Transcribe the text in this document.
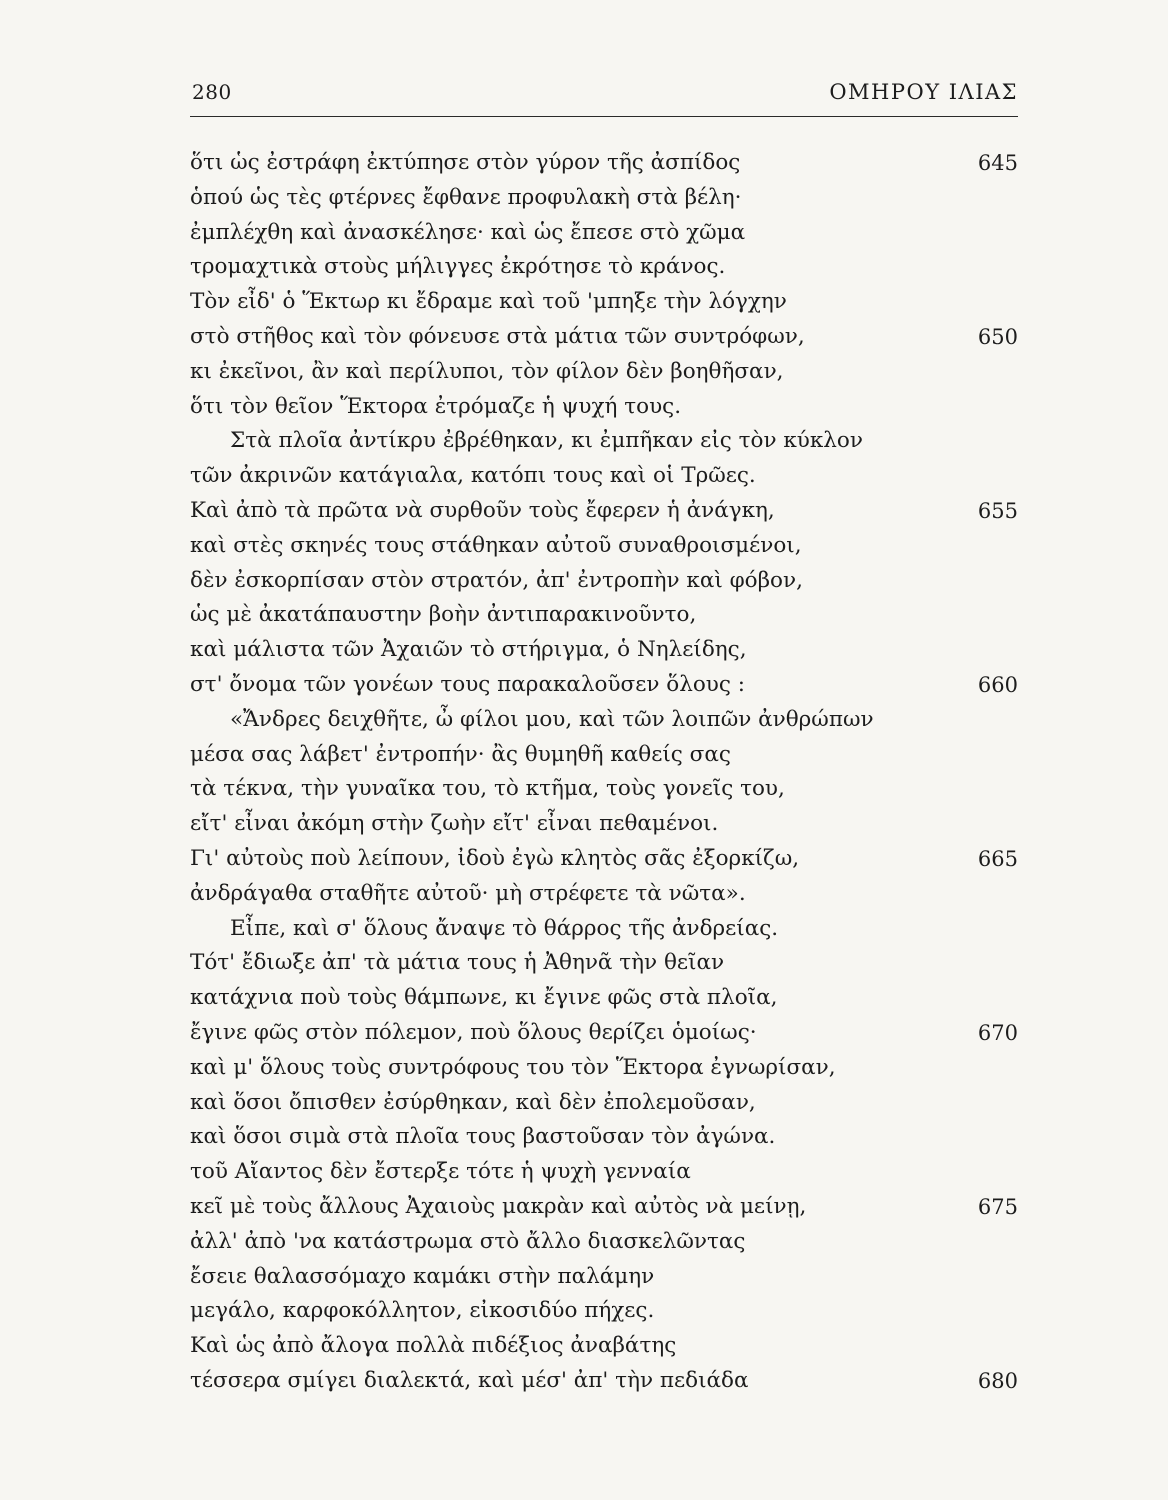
280	ΟΜΗΡΟΥ ΙΛΙΑΣ
ὅτι ὡς ἐστράφη ἐκτύπησε στὸν γύρον τῆς ἀσπίδος	645
ὁπού ὡς τὲς φτέρνες ἔφθανε προφυλακὴ στὰ βέλη·
ἐμπλέχθη καὶ ἀνασκέλησε· καὶ ὡς ἔπεσε στὸ χῶμα
τρομαχτικὰ στοὺς μήλιγγες ἐκρότησε τὸ κράνος.
Τὸν εἶδ' ὁ Ἕκτωρ κι ἔδραμε καὶ τοῦ 'μπηξε τὴν λόγχην
στὸ στῆθος καὶ τὸν φόνευσε στὰ μάτια τῶν συντρόφων,	650
κι ἐκεῖνοι, ἂν καὶ περίλυποι, τὸν φίλον δὲν βοηθῆσαν,
ὅτι τὸν θεῖον Ἕκτορα ἐτρόμαζε ἡ ψυχή τους.
Στὰ πλοῖα ἀντίκρυ ἐβρέθηκαν, κι ἐμπῆκαν εἰς τὸν κύκλον
τῶν ἀκρινῶν κατάγιαλα, κατόπι τους καὶ οἱ Τρῶες.
Καὶ ἀπὸ τὰ πρῶτα νὰ συρθοῦν τοὺς ἔφερεν ἡ ἀνάγκη,	655
καὶ στὲς σκηνές τους στάθηκαν αὐτοῦ συναθροισμένοι,
δὲν ἐσκορπίσαν στὸν στρατόν, ἀπ' ἐντροπὴν καὶ φόβον,
ὡς μὲ ἀκατάπαυστην βοὴν ἀντιπαρακινοῦντο,
καὶ μάλιστα τῶν Ἀχαιῶν τὸ στήριγμα, ὁ Νηλείδης,
στ' ὄνομα τῶν γονέων τους παρακαλοῦσεν ὅλους :	660
«Ἄνδρες δειχθῆτε, ὦ φίλοι μου, καὶ τῶν λοιπῶν ἀνθρώπων
μέσα σας λάβετ' ἐντροπήν· ἂς θυμηθῆ καθείς σας
τὰ τέκνα, τὴν γυναῖκα του, τὸ κτῆμα, τοὺς γονεῖς του,
εἴτ' εἶναι ἀκόμη στὴν ζωὴν εἴτ' εἶναι πεθαμένοι.
Γι' αὐτοὺς ποὺ λείπουν, ἰδοὺ ἐγὼ κλητὸς σᾶς ἐξορκίζω,	665
ἀνδράγαθα σταθῆτε αὐτοῦ· μὴ στρέφετε τὰ νῶτα».
Εἶπε, καὶ σ' ὅλους ἄναψε τὸ θάρρος τῆς ἀνδρείας.
Τότ' ἔδιωξε ἀπ' τὰ μάτια τους ἡ Ἀθηνᾶ τὴν θεῖαν
κατάχνια ποὺ τοὺς θάμπωνε, κι ἔγινε φῶς στὰ πλοῖα,
ἔγινε φῶς στὸν πόλεμον, ποὺ ὅλους θερίζει ὁμοίως·	670
καὶ μ' ὅλους τοὺς συντρόφους του τὸν Ἕκτορα ἐγνωρίσαν,
καὶ ὅσοι ὄπισθεν ἐσύρθηκαν, καὶ δὲν ἐπολεμοῦσαν,
καὶ ὅσοι σιμὰ στὰ πλοῖα τους βαστοῦσαν τὸν ἀγώνα.
τοῦ Αἴαντος δὲν ἔστερξε τότε ἡ ψυχὴ γενναία
κεῖ μὲ τοὺς ἄλλους Ἀχαιοὺς μακρὰν καὶ αὐτὸς νὰ μείνῃ,	675
ἀλλ' ἀπὸ 'να κατάστρωμα στὸ ἄλλο διασκελῶντας
ἔσειε θαλασσόμαχο καμάκι στὴν παλάμην
μεγάλο, καρφοκόλλητον, εἰκοσιδύο πήχες.
Καὶ ὡς ἀπὸ ἄλογα πολλὰ πιδέξιος ἀναβάτης
τέσσερα σμίγει διαλεκτά, καὶ μέσ' ἀπ' τὴν πεδιάδα	680
